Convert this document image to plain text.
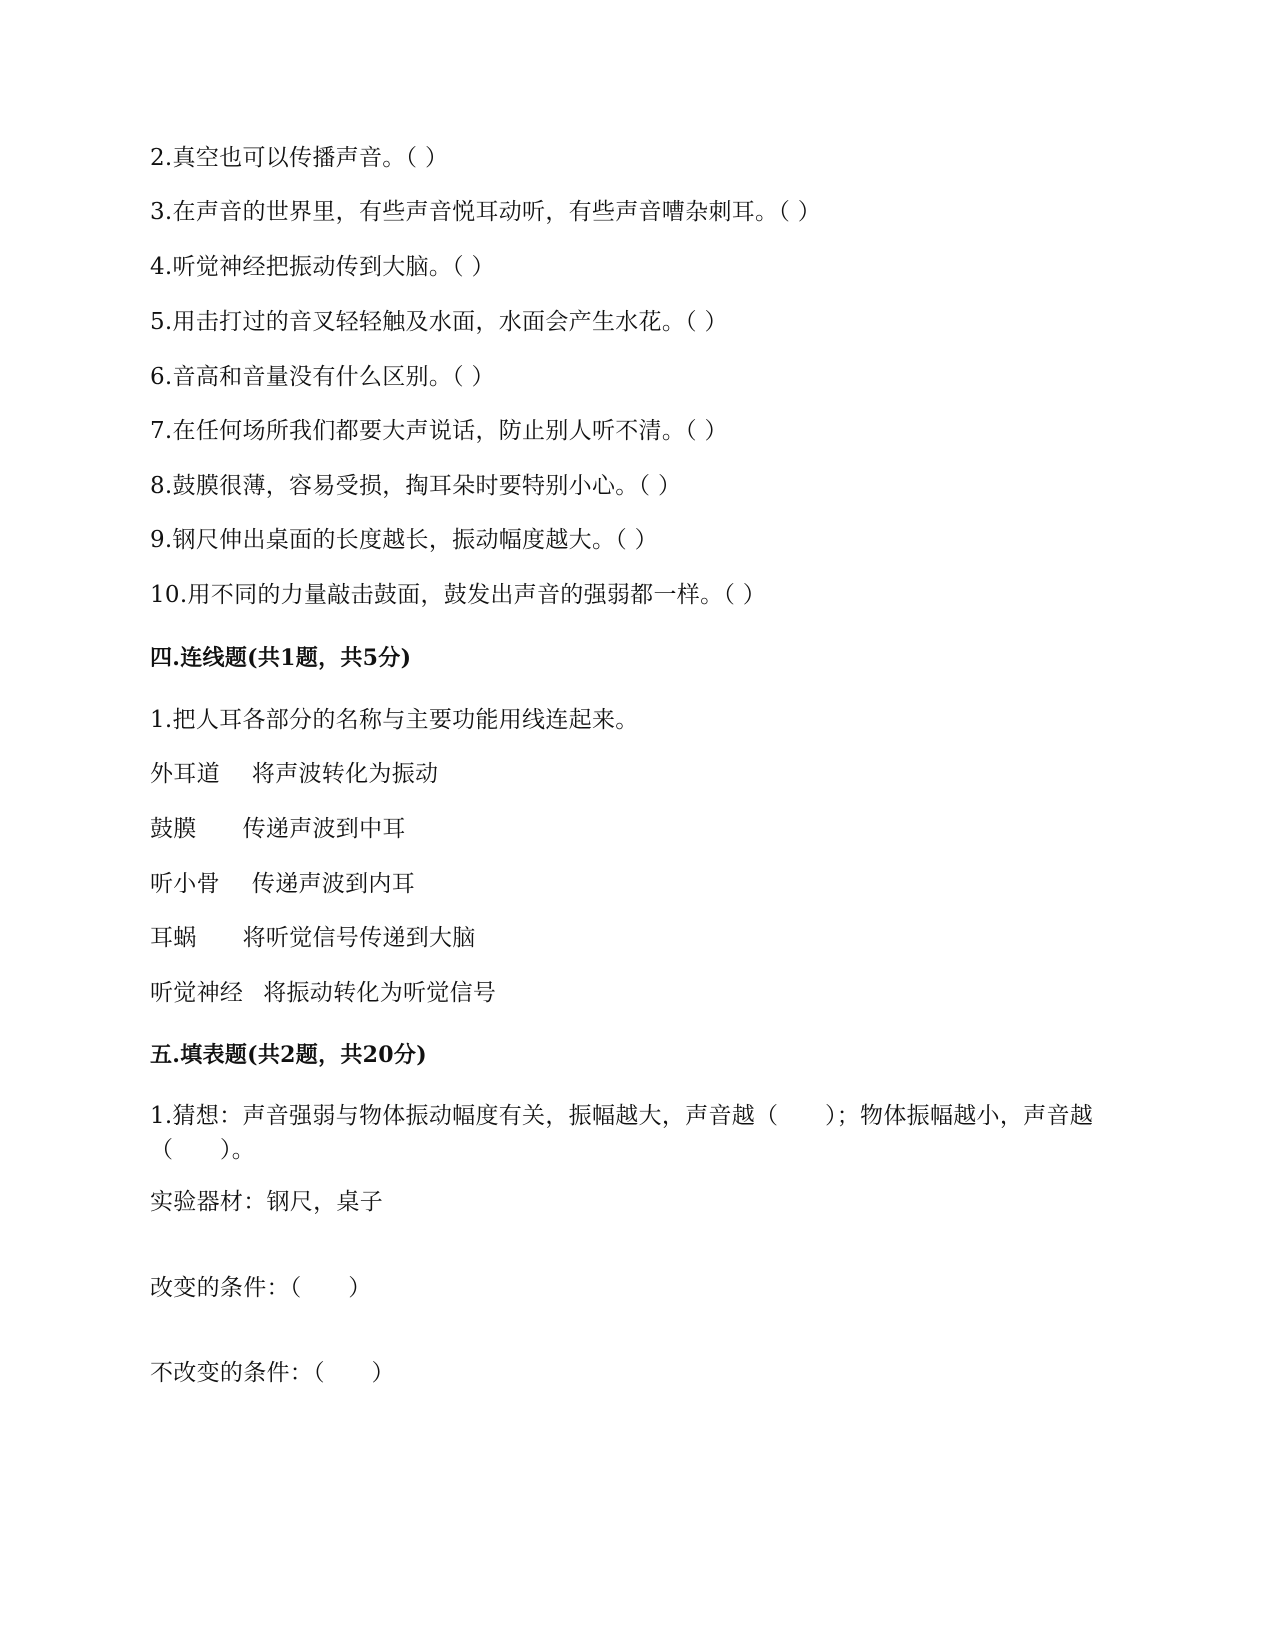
2.真空也可以传播声音。（ ）
3.在声音的世界里，有些声音悦耳动听，有些声音嘈杂刺耳。（ ）
4.听觉神经把振动传到大脑。（ ）
5.用击打过的音叉轻轻触及水面，水面会产生水花。（ ）
6.音高和音量没有什么区别。（ ）
7.在任何场所我们都要大声说话，防止别人听不清。（ ）
8.鼓膜很薄，容易受损，掏耳朵时要特别小心。（ ）
9.钢尺伸出桌面的长度越长，振动幅度越大。（ ）
10.用不同的力量敲击鼓面，鼓发出声音的强弱都一样。（ ）
四.连线题(共1题，共5分)
1.把人耳各部分的名称与主要功能用线连起来。
外耳道 将声波转化为振动
鼓膜 传递声波到中耳
听小骨 传递声波到内耳
耳蜗 将听觉信号传递到大脑
听觉神经 将振动转化为听觉信号
五.填表题(共2题，共20分)
1.猜想：声音强弱与物体振动幅度有关，振幅越大，声音越（　　）；物体振幅越小，声音越（　　）。
实验器材：钢尺，桌子
改变的条件：（　　）
不改变的条件：（　　）
